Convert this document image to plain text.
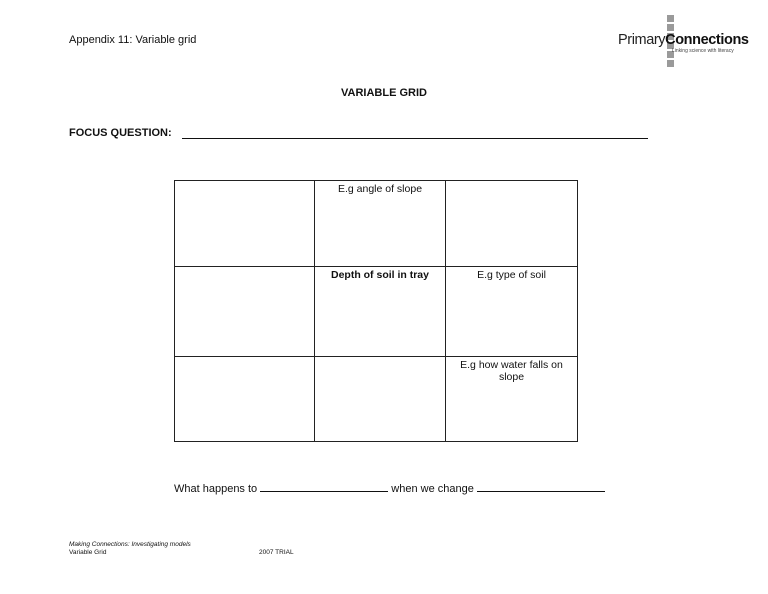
Appendix 11: Variable grid	PrimaryConnections
Linking science with literacy
VARIABLE GRID
FOCUS QUESTION:
	E.g angle of slope	
	Depth of soil in tray	E.g type of soil
		E.g how water falls on slope
What happens to	when we change
Making Connections: Investigating models
Variable Grid	2007 TRIAL
